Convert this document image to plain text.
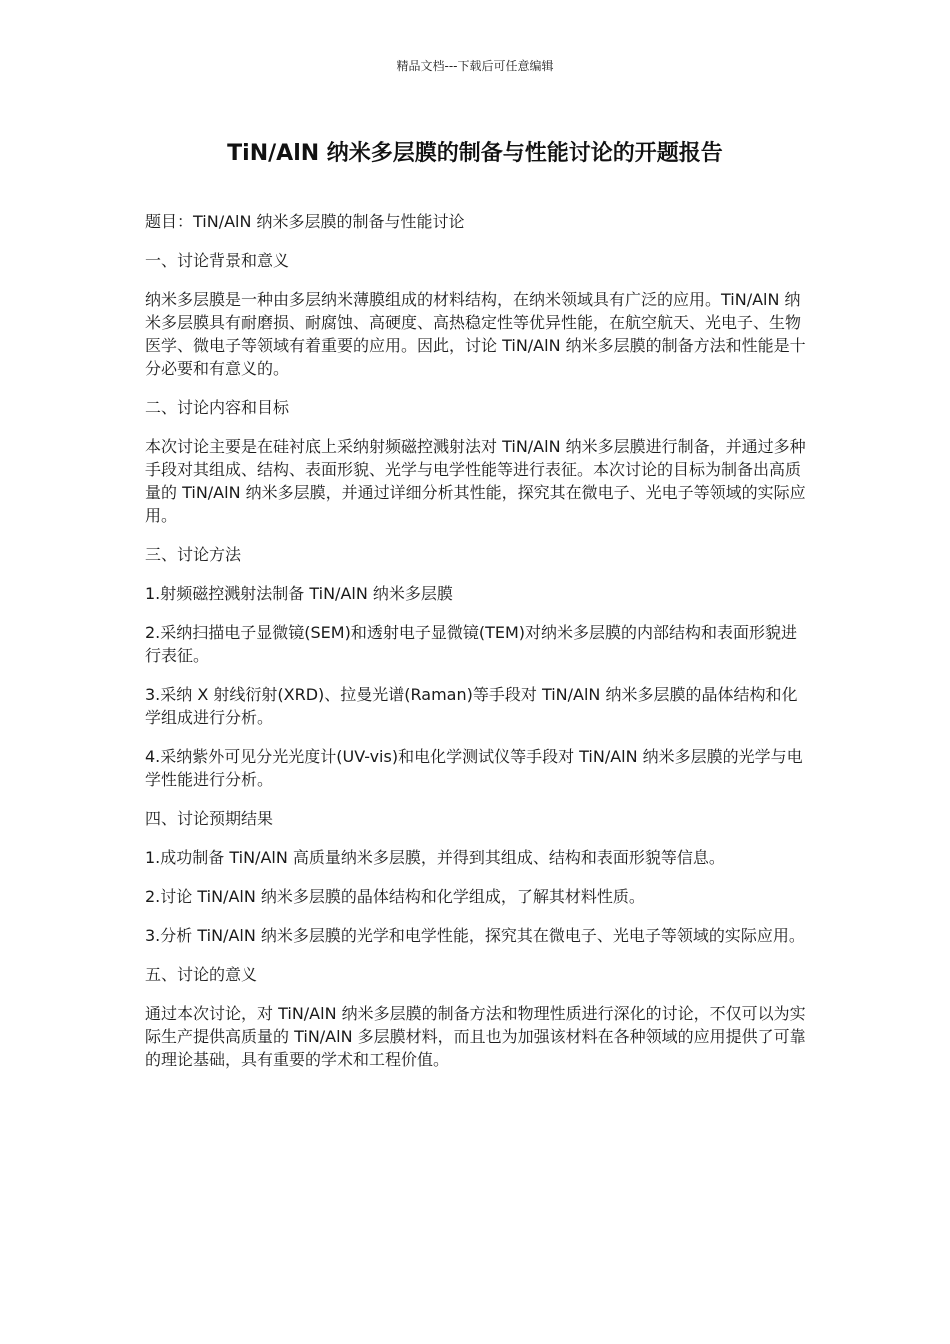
精品文档---下载后可任意编辑
TiN/AlN 纳米多层膜的制备与性能讨论的开题报告

题目：TiN/AlN 纳米多层膜的制备与性能讨论

一、讨论背景和意义

纳米多层膜是一种由多层纳米薄膜组成的材料结构，在纳米领域具有广泛的应用。TiN/AlN 纳米多层膜具有耐磨损、耐腐蚀、高硬度、高热稳定性等优异性能，在航空航天、光电子、生物医学、微电子等领域有着重要的应用。因此，讨论 TiN/AlN 纳米多层膜的制备方法和性能是十分必要和有意义的。

二、讨论内容和目标

本次讨论主要是在硅衬底上采纳射频磁控溅射法对 TiN/AlN 纳米多层膜进行制备，并通过多种手段对其组成、结构、表面形貌、光学与电学性能等进行表征。本次讨论的目标为制备出高质量的 TiN/AlN 纳米多层膜，并通过详细分析其性能，探究其在微电子、光电子等领域的实际应用。

三、讨论方法

1.射频磁控溅射法制备 TiN/AlN 纳米多层膜

2.采纳扫描电子显微镜(SEM)和透射电子显微镜(TEM)对纳米多层膜的内部结构和表面形貌进行表征。

3.采纳 X 射线衍射(XRD)、拉曼光谱(Raman)等手段对 TiN/AlN 纳米多层膜的晶体结构和化学组成进行分析。

4.采纳紫外可见分光光度计(UV-vis)和电化学测试仪等手段对 TiN/AlN 纳米多层膜的光学与电学性能进行分析。

四、讨论预期结果

1.成功制备 TiN/AlN 高质量纳米多层膜，并得到其组成、结构和表面形貌等信息。

2.讨论 TiN/AlN 纳米多层膜的晶体结构和化学组成，了解其材料性质。

3.分析 TiN/AlN 纳米多层膜的光学和电学性能，探究其在微电子、光电子等领域的实际应用。

五、讨论的意义

通过本次讨论，对 TiN/AlN 纳米多层膜的制备方法和物理性质进行深化的讨论，不仅可以为实际生产提供高质量的 TiN/AlN 多层膜材料，而且也为加强该材料在各种领域的应用提供了可靠的理论基础，具有重要的学术和工程价值。
